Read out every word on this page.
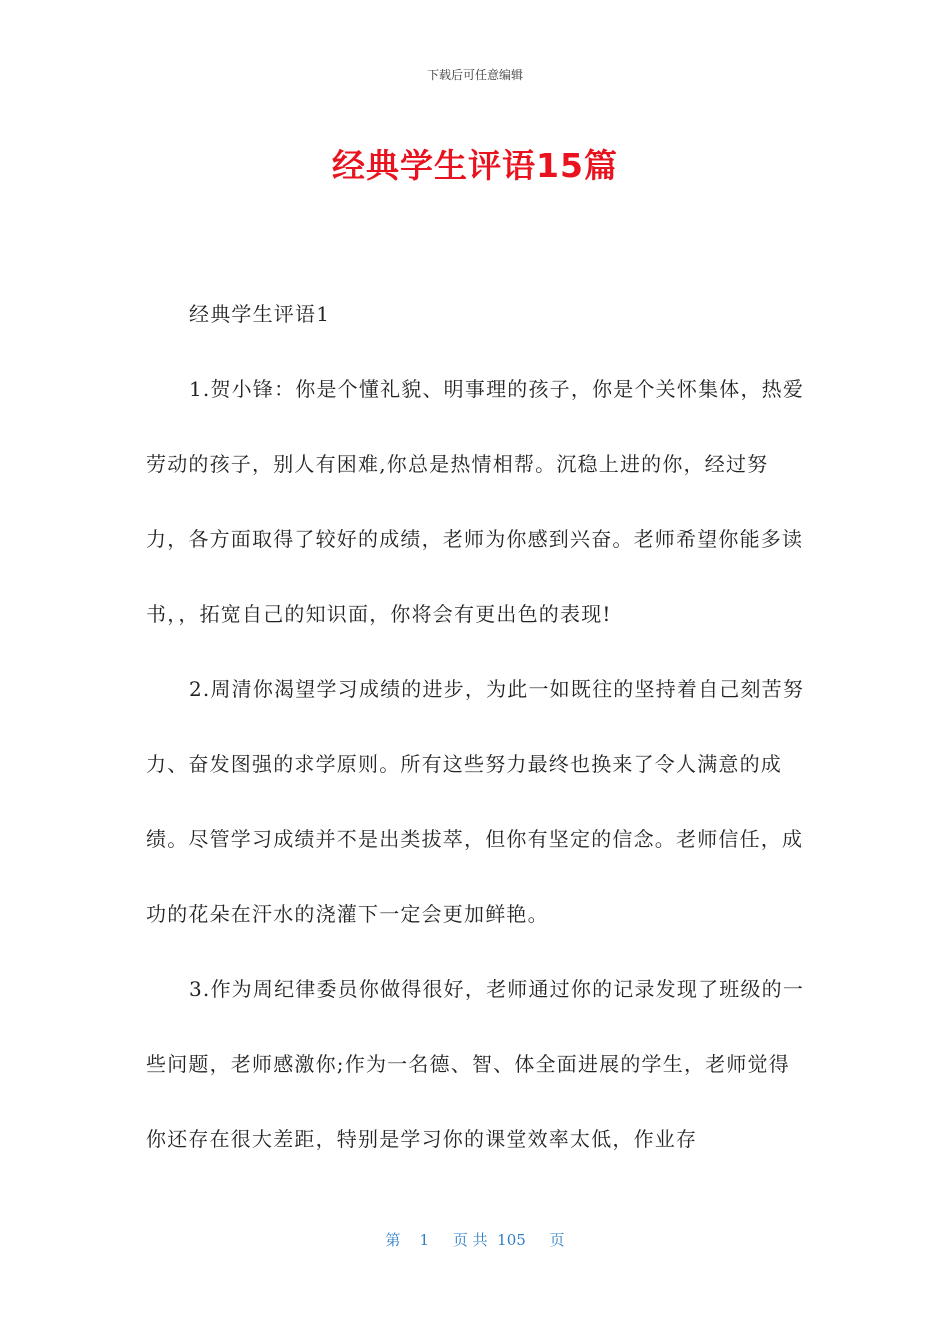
下载后可任意编辑
经典学生评语15篇

经典学生评语1

1.贺小锋：你是个懂礼貌、明事理的孩子，你是个关怀集体，热爱劳动的孩子，别人有困难,你总是热情相帮。沉稳上进的你，经过努力，各方面取得了较好的成绩，老师为你感到兴奋。老师希望你能多读书，，拓宽自己的知识面，你将会有更出色的表现!

2.周清你渴望学习成绩的进步，为此一如既往的坚持着自己刻苦努力、奋发图强的求学原则。所有这些努力最终也换来了令人满意的成绩。尽管学习成绩并不是出类拔萃，但你有坚定的信念。老师信任，成功的花朵在汗水的浇灌下一定会更加鲜艳。

3.作为周纪律委员你做得很好，老师通过你的记录发现了班级的一些问题，老师感激你;作为一名德、智、体全面进展的学生，老师觉得你还存在很大差距，特别是学习你的课堂效率太低，作业存

第 1 页 共 105 页
